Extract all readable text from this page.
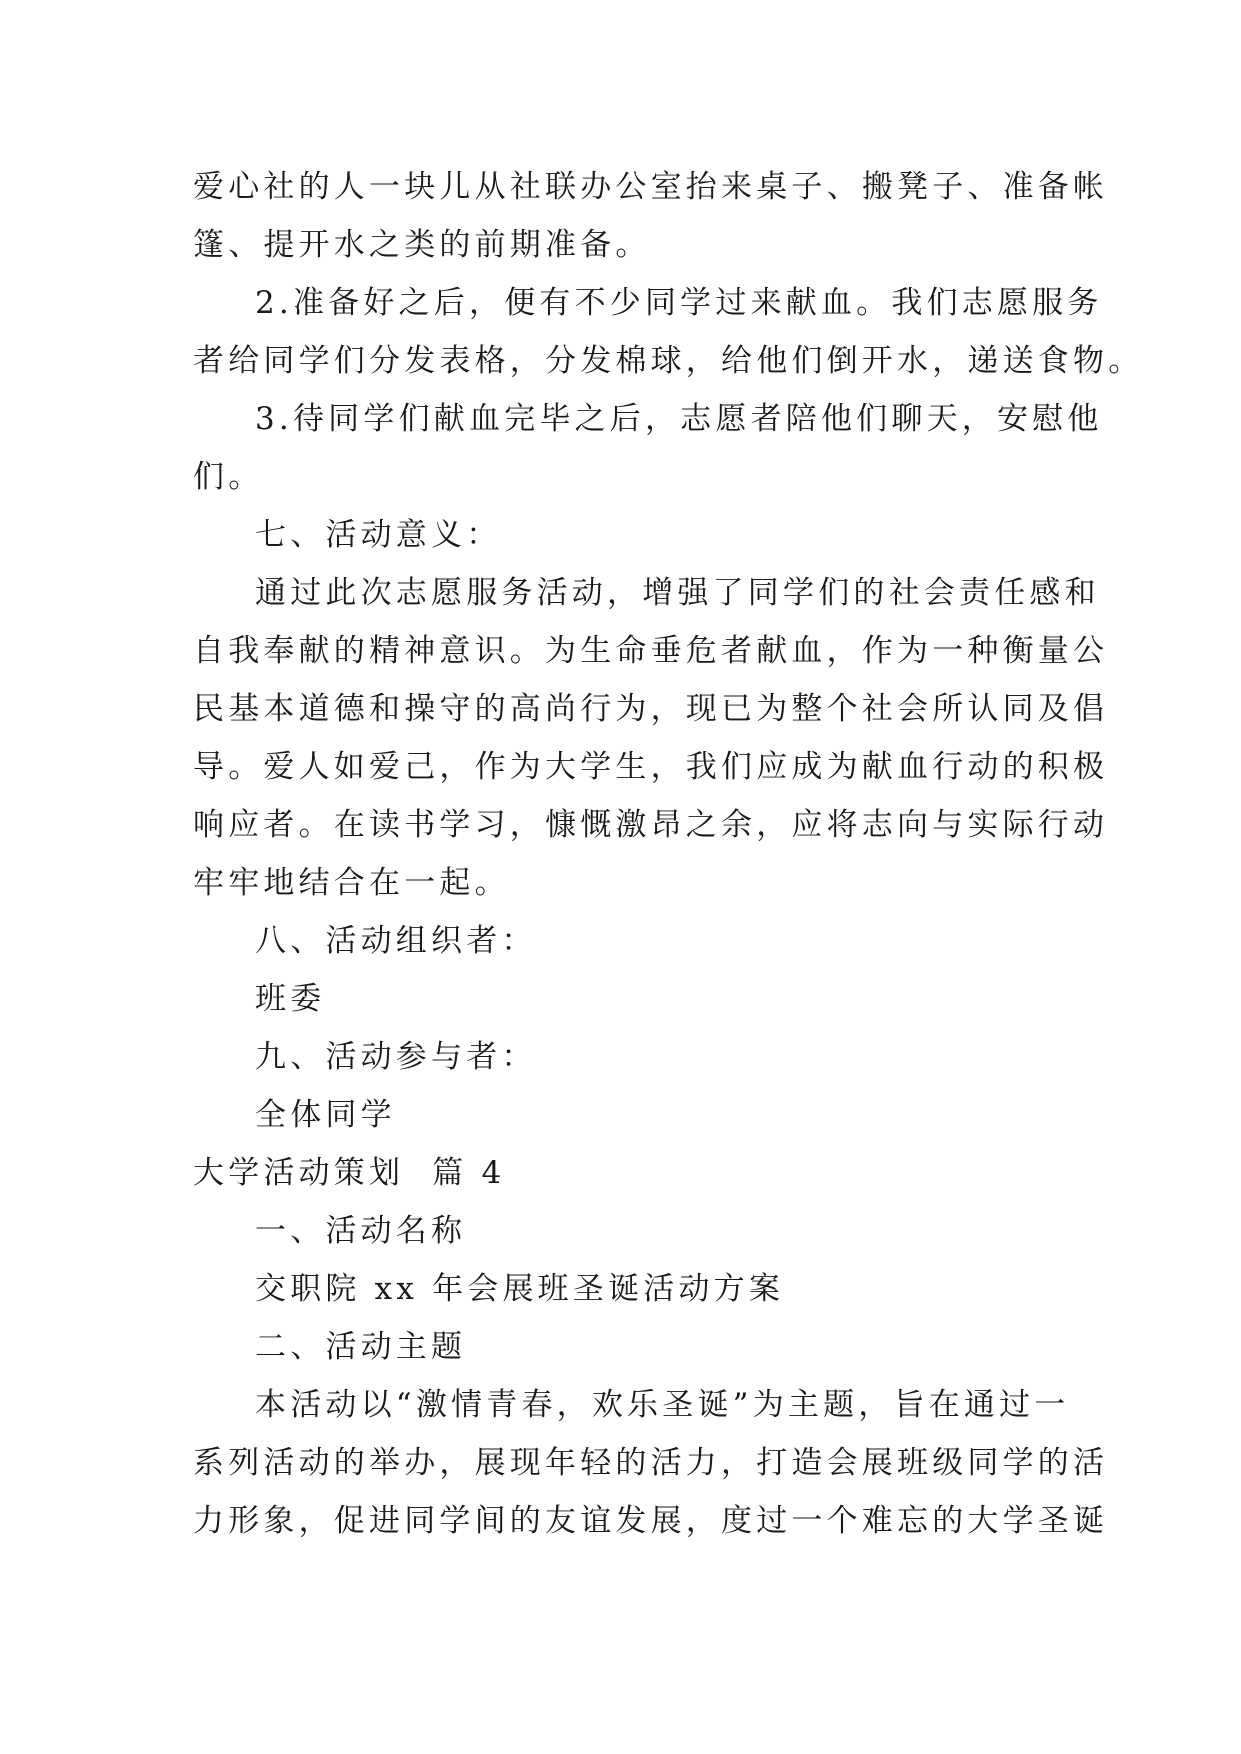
爱心社的人一块儿从社联办公室抬来桌子、搬凳子、准备帐
篷、提开水之类的前期准备。
2.准备好之后，便有不少同学过来献血。我们志愿服务
者给同学们分发表格，分发棉球，给他们倒开水，递送食物。
3.待同学们献血完毕之后，志愿者陪他们聊天，安慰他
们。
七、活动意义：
通过此次志愿服务活动，增强了同学们的社会责任感和
自我奉献的精神意识。为生命垂危者献血，作为一种衡量公
民基本道德和操守的高尚行为，现已为整个社会所认同及倡
导。爱人如爱己，作为大学生，我们应成为献血行动的积极
响应者。在读书学习，慷慨激昂之余，应将志向与实际行动
牢牢地结合在一起。
八、活动组织者：
班委
九、活动参与者：
全体同学
大学活动策划  篇 4
一、活动名称
交职院 xx 年会展班圣诞活动方案
二、活动主题
本活动以“激情青春，欢乐圣诞”为主题，旨在通过一
系列活动的举办，展现年轻的活力，打造会展班级同学的活
力形象，促进同学间的友谊发展，度过一个难忘的大学圣诞
